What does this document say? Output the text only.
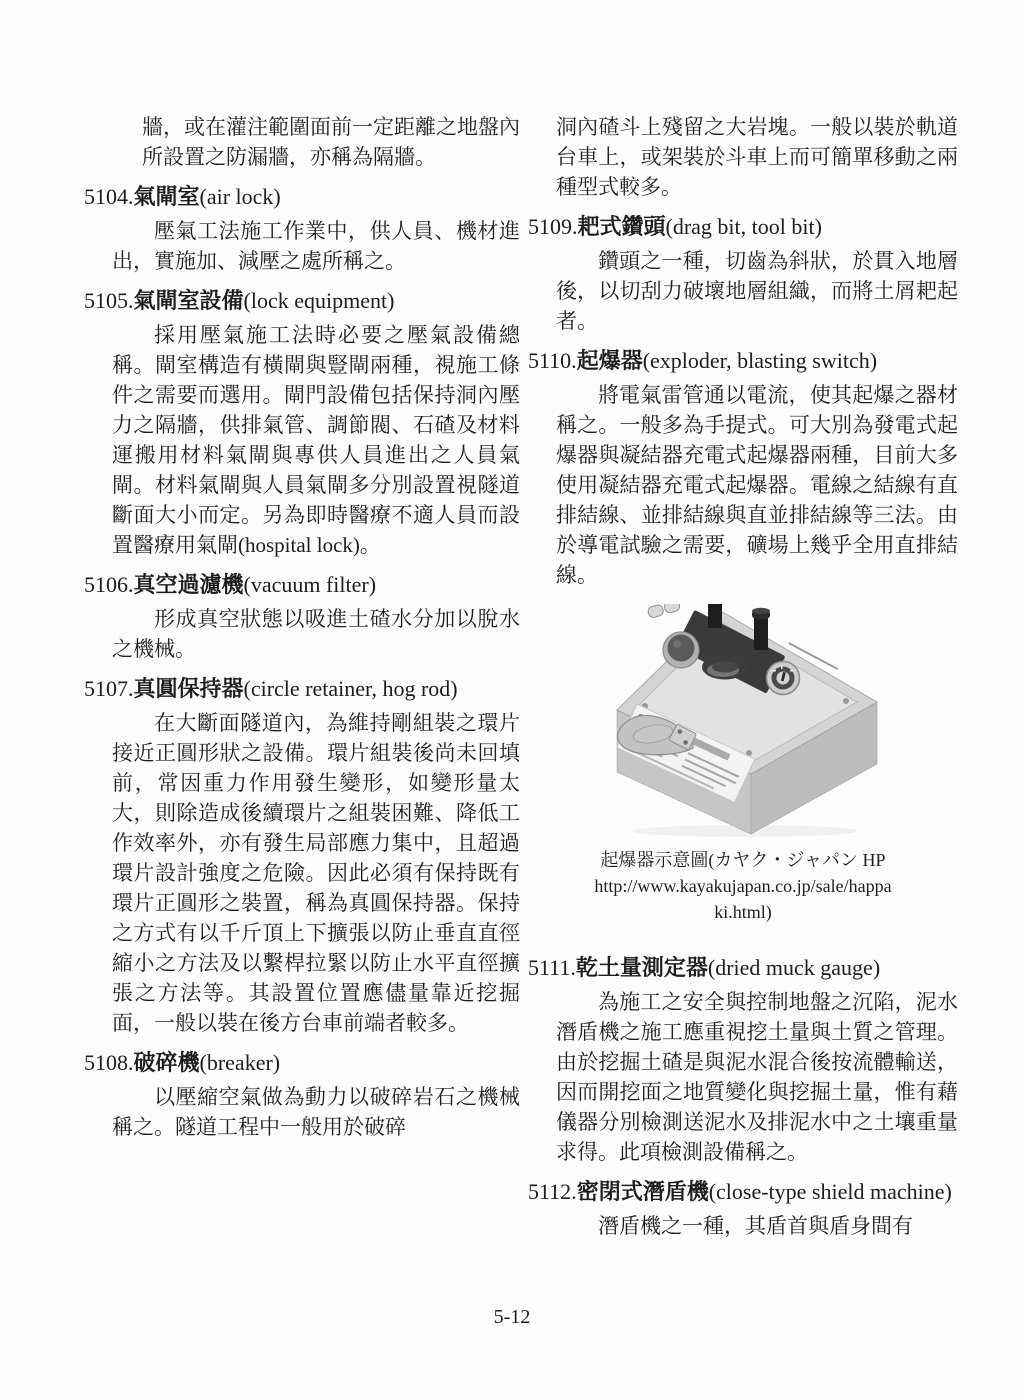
牆，或在灌注範圍面前一定距離之地盤內所設置之防漏牆，亦稱為隔牆。

5104.氣閘室(air lock)

壓氣工法施工作業中，供人員、機材進出，實施加、減壓之處所稱之。

5105.氣閘室設備(lock equipment)

採用壓氣施工法時必要之壓氣設備總稱。閘室構造有橫閘與豎閘兩種，視施工條件之需要而選用。閘門設備包括保持洞內壓力之隔牆，供排氣管、調節閥、石碴及材料運搬用材料氣閘與專供人員進出之人員氣閘。材料氣閘與人員氣閘多分別設置視隧道斷面大小而定。另為即時醫療不適人員而設置醫療用氣閘(hospital lock)。

5106.真空過濾機(vacuum filter)

形成真空狀態以吸進土碴水分加以脫水之機械。

5107.真圓保持器(circle retainer, hog rod)

在大斷面隧道內，為維持剛組裝之環片接近正圓形狀之設備。環片組裝後尚未回填前，常因重力作用發生變形，如變形量太大，則除造成後續環片之組裝困難、降低工作效率外，亦有發生局部應力集中，且超過環片設計強度之危險。因此必須有保持既有環片正圓形之裝置，稱為真圓保持器。保持之方式有以千斤頂上下擴張以防止垂直直徑縮小之方法及以繫桿拉緊以防止水平直徑擴張之方法等。其設置位置應儘量靠近挖掘面，一般以裝在後方台車前端者較多。

5108.破碎機(breaker)

以壓縮空氣做為動力以破碎岩石之機械稱之。隧道工程中一般用於破碎

洞內碴斗上殘留之大岩塊。一般以裝於軌道台車上，或架裝於斗車上而可簡單移動之兩種型式較多。

5109.耙式鑽頭(drag bit, tool bit)

鑽頭之一種，切齒為斜狀，於貫入地層後，以切刮力破壞地層組織，而將土屑耙起者。

5110.起爆器(exploder, blasting switch)

將電氣雷管通以電流，使其起爆之器材稱之。一般多為手提式。可大別為發電式起爆器與凝結器充電式起爆器兩種，目前大多使用凝結器充電式起爆器。電線之結線有直排結線、並排結線與直並排結線等三法。由於導電試驗之需要，礦場上幾乎全用直排結線。

起爆器示意圖(カヤク・ジャパン HP
http://www.kayakujapan.co.jp/sale/happaki.html)
5111.乾土量測定器(dried muck gauge)

為施工之安全與控制地盤之沉陷，泥水潛盾機之施工應重視挖土量與土質之管理。由於挖掘土碴是與泥水混合後按流體輸送，因而開挖面之地質變化與挖掘土量，惟有藉儀器分別檢測送泥水及排泥水中之土壤重量求得。此項檢測設備稱之。

5112.密閉式潛盾機(close-type shield machine)

潛盾機之一種，其盾首與盾身間有

5-12
